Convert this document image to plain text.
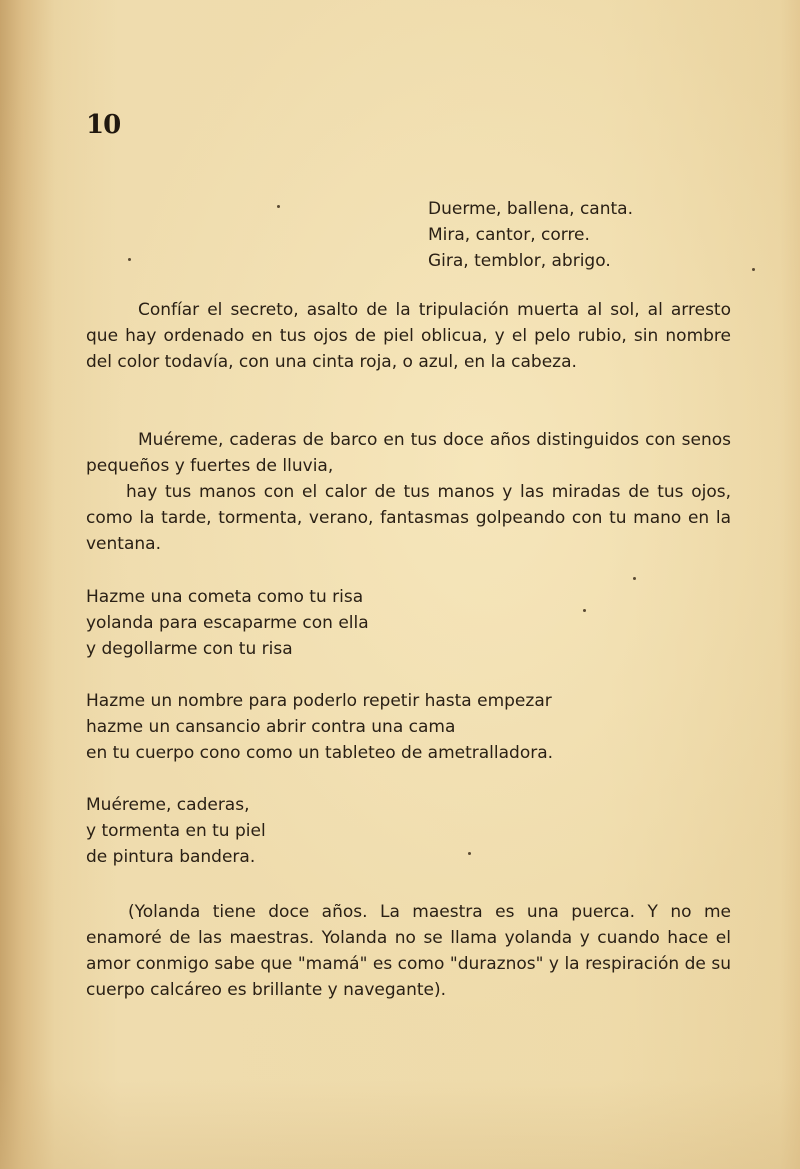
10
Duerme, ballena, canta.
Mira, cantor, corre.
Gira, temblor, abrigo.
Confíar el secreto, asalto de la tripulación muerta al sol, al arresto que hay ordenado en tus ojos de piel oblicua, y el pelo rubio, sin nombre del color todavía, con una cinta roja, o azul, en la cabeza.
Muéreme, caderas de barco en tus doce años distinguidos con senos pequeños y fuertes de lluvia,
hay tus manos con el calor de tus manos y las miradas de tus ojos, como la tarde, tormenta, verano, fantasmas golpeando con tu mano en la ventana.
Hazme una cometa como tu risa
yolanda para escaparme con ella
y degollarme con tu risa
Hazme un nombre para poderlo repetir hasta empezar
hazme un cansancio abrir contra una cama
en tu cuerpo cono como un tableteo de ametralladora.
Muéreme, caderas,
y tormenta en tu piel
de pintura bandera.
(Yolanda tiene doce años. La maestra es una puerca. Y no me enamoré de las maestras. Yolanda no se llama yolanda y cuando hace el amor conmigo sabe que "mamá" es como "duraznos" y la respiración de su cuerpo calcáreo es brillante y navegante).
